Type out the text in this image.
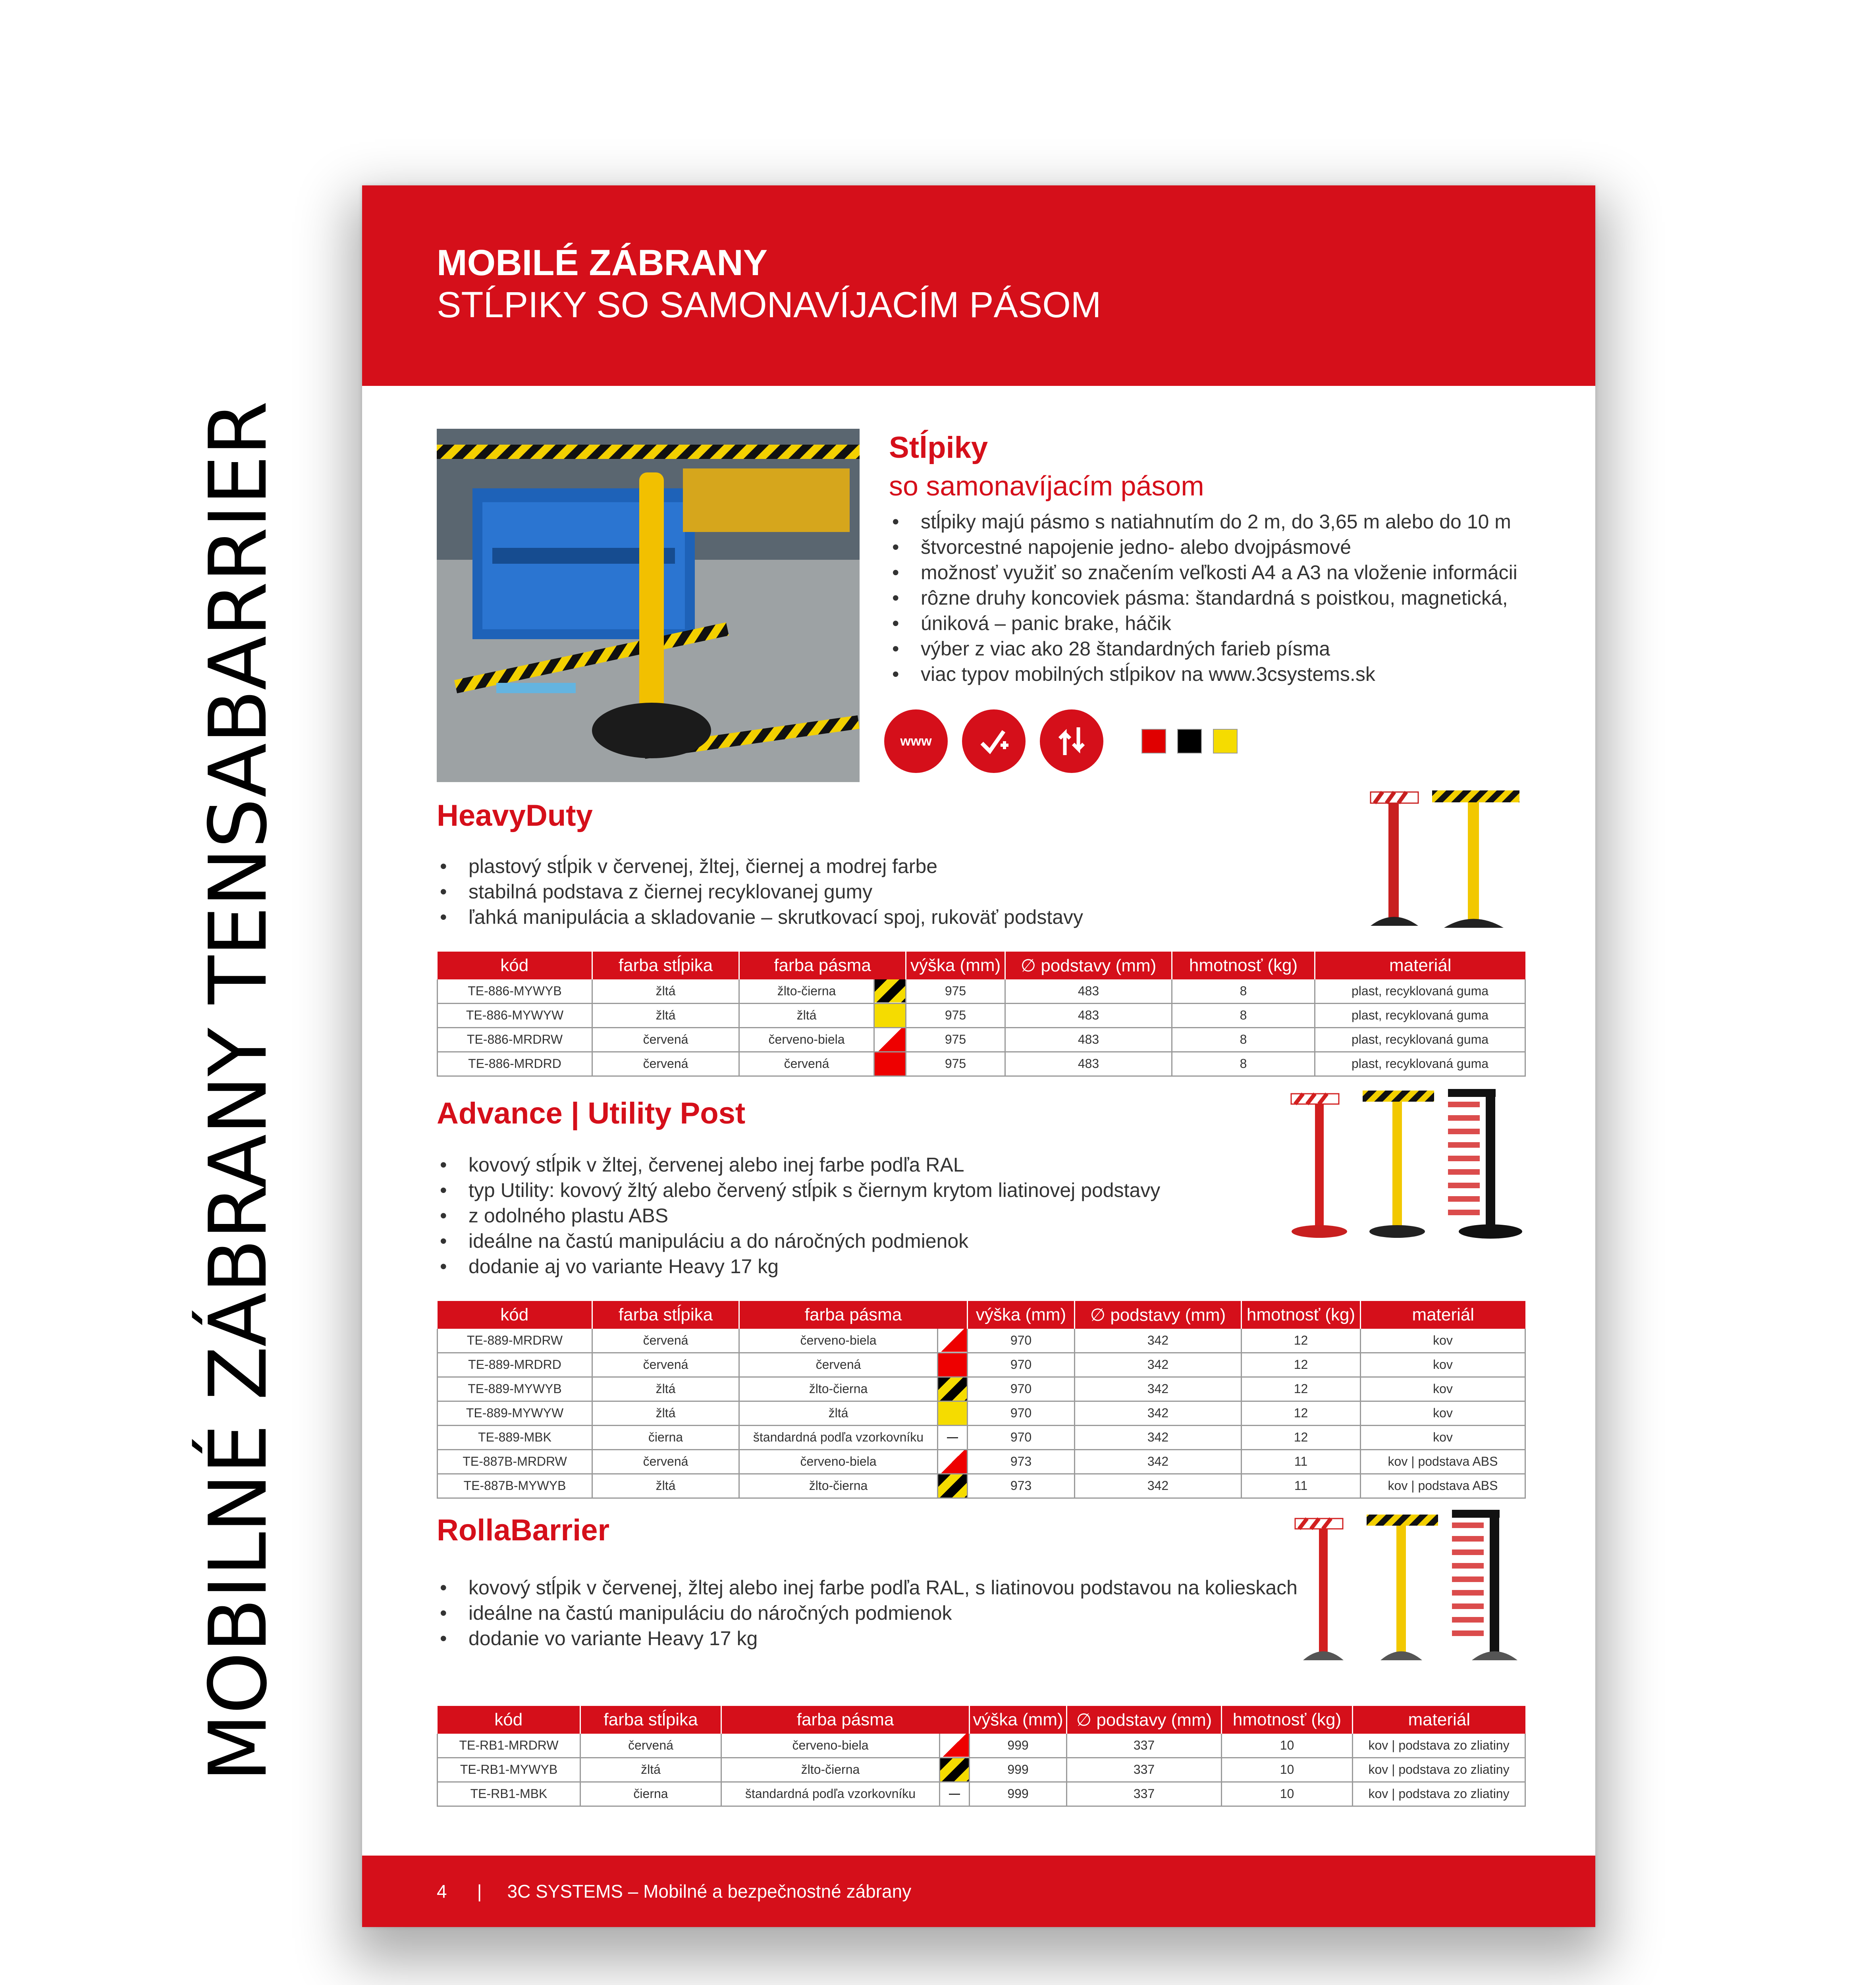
MOBILNÉ ZÁBRANY TENSABARRIER
MOBILÉ ZÁBRANY
STĹPIKY SO SAMONAVÍJACÍM PÁSOM
Stĺpiky
so samonavíjacím pásom
• stĺpiky majú pásmo s natiahnutím do 2 m, do 3,65 m alebo do 10 m
• štvorcestné napojenie jedno- alebo dvojpásmové
• možnosť využiť so značením veľkosti A4 a A3 na vloženie informácii
• rôzne druhy koncoviek pásma: štandardná s poistkou, magnetická,
• úniková – panic brake, háčik
• výber z viac ako 28 štandardných farieb písma
• viac typov mobilných stĺpikov na www.3csystems.sk
www
HeavyDuty
• plastový stĺpik v červenej, žltej, čiernej a modrej farbe
• stabilná podstava z čiernej recyklovanej gumy
• ľahká manipulácia a skladovanie – skrutkovací spoj, rukoväť podstavy
kód	farba stĺpika	farba pásma		výška (mm)	∅ podstavy (mm)	hmotnosť (kg)	materiál
TE-886-MYWYB	žltá	žlto-čierna		975	483	8	plast, recyklovaná guma
TE-886-MYWYW	žltá	žltá		975	483	8	plast, recyklovaná guma
TE-886-MRDRW	červená	červeno-biela		975	483	8	plast, recyklovaná guma
TE-886-MRDRD	červená	červená		975	483	8	plast, recyklovaná guma
Advance | Utility Post
• kovový stĺpik v žltej, červenej alebo inej farbe podľa RAL
• typ Utility: kovový žltý alebo červený stĺpik s čiernym krytom liatinovej podstavy
• z odolného plastu ABS
• ideálne na častú manipuláciu a do náročných podmienok
• dodanie aj vo variante Heavy 17 kg
kód	farba stĺpika	farba pásma		výška (mm)	∅ podstavy (mm)	hmotnosť (kg)	materiál
TE-889-MRDRW	červená	červeno-biela		970	342	12	kov
TE-889-MRDRD	červená	červená		970	342	12	kov
TE-889-MYWYB	žltá	žlto-čierna		970	342	12	kov
TE-889-MYWYW	žltá	žltá		970	342	12	kov
TE-889-MBK	čierna	štandardná podľa vzorkovníku		970	342	12	kov
TE-887B-MRDRW	červená	červeno-biela		973	342	11	kov | podstava ABS
TE-887B-MYWYB	žltá	žlto-čierna		973	342	11	kov | podstava ABS
RollaBarrier
• kovový stĺpik v červenej, žltej alebo inej farbe podľa RAL, s liatinovou podstavou na kolieskach
• ideálne na častú manipuláciu do náročných podmienok
• dodanie vo variante Heavy 17 kg
kód	farba stĺpika	farba pásma		výška (mm)	∅ podstavy (mm)	hmotnosť (kg)	materiál
TE-RB1-MRDRW	červená	červeno-biela		999	337	10	kov | podstava zo zliatiny
TE-RB1-MYWYB	žltá	žlto-čierna		999	337	10	kov | podstava zo zliatiny
TE-RB1-MBK	čierna	štandardná podľa vzorkovníku		999	337	10	kov | podstava zo zliatiny
4 | 3C SYSTEMS – Mobilné a bezpečnostné zábrany
